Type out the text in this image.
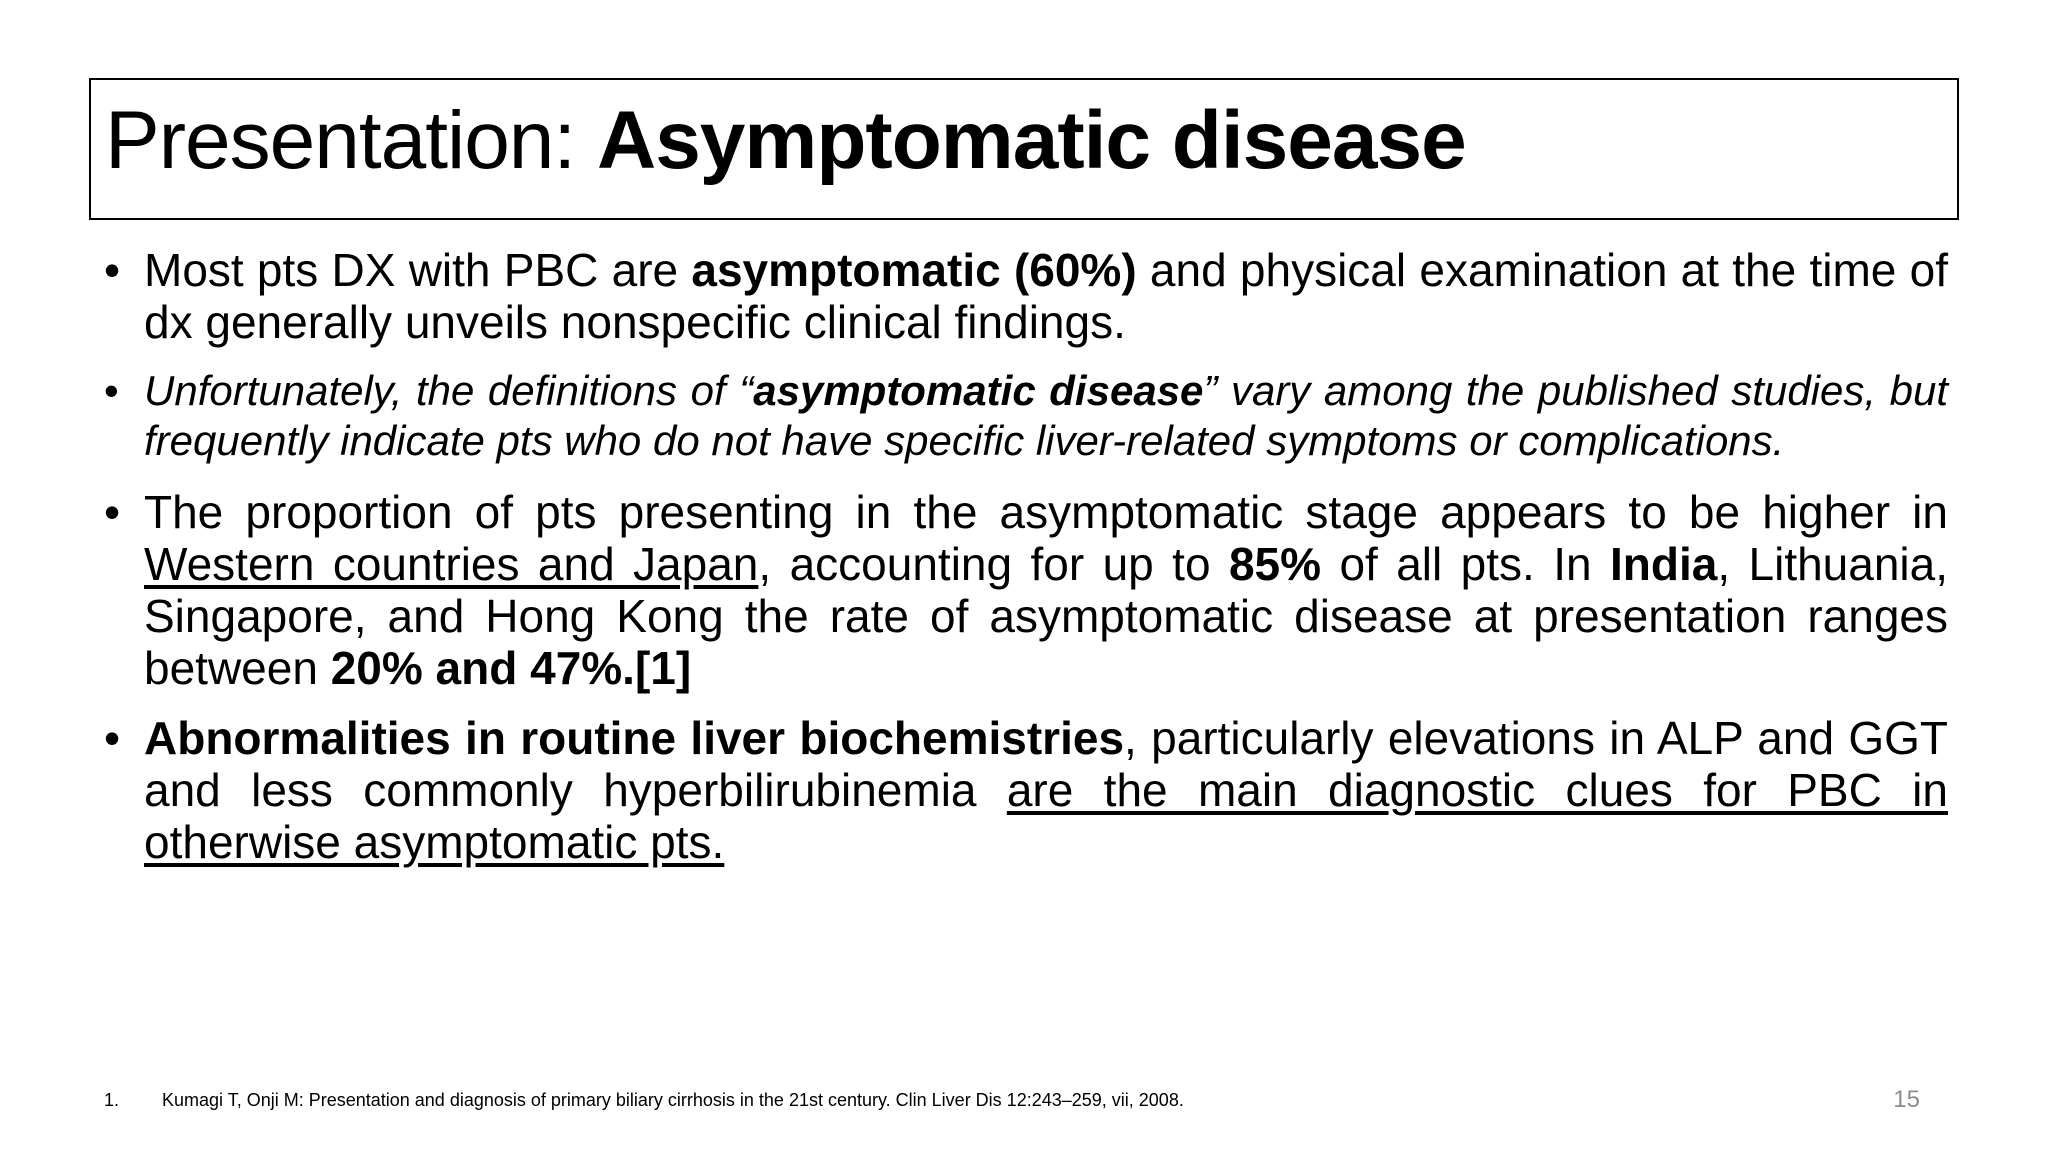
Presentation: Asymptomatic disease
• Most pts DX with PBC are asymptomatic (60%) and physical examination at the time of dx generally unveils nonspecific clinical findings.
• Unfortunately, the definitions of “asymptomatic disease” vary among the published studies, but frequently indicate pts who do not have specific liver-related symptoms or complications.
• The proportion of pts presenting in the asymptomatic stage appears to be higher in Western countries and Japan, accounting for up to 85% of all pts. In India, Lithuania, Singapore, and Hong Kong the rate of asymptomatic disease at presentation ranges between 20% and 47%.[1]
• Abnormalities in routine liver biochemistries, particularly elevations in ALP and GGT and less commonly hyperbilirubinemia are the main diagnostic clues for PBC in otherwise asymptomatic pts.
1. Kumagi T, Onji M: Presentation and diagnosis of primary biliary cirrhosis in the 21st century. Clin Liver Dis 12:243–259, vii, 2008.	15
